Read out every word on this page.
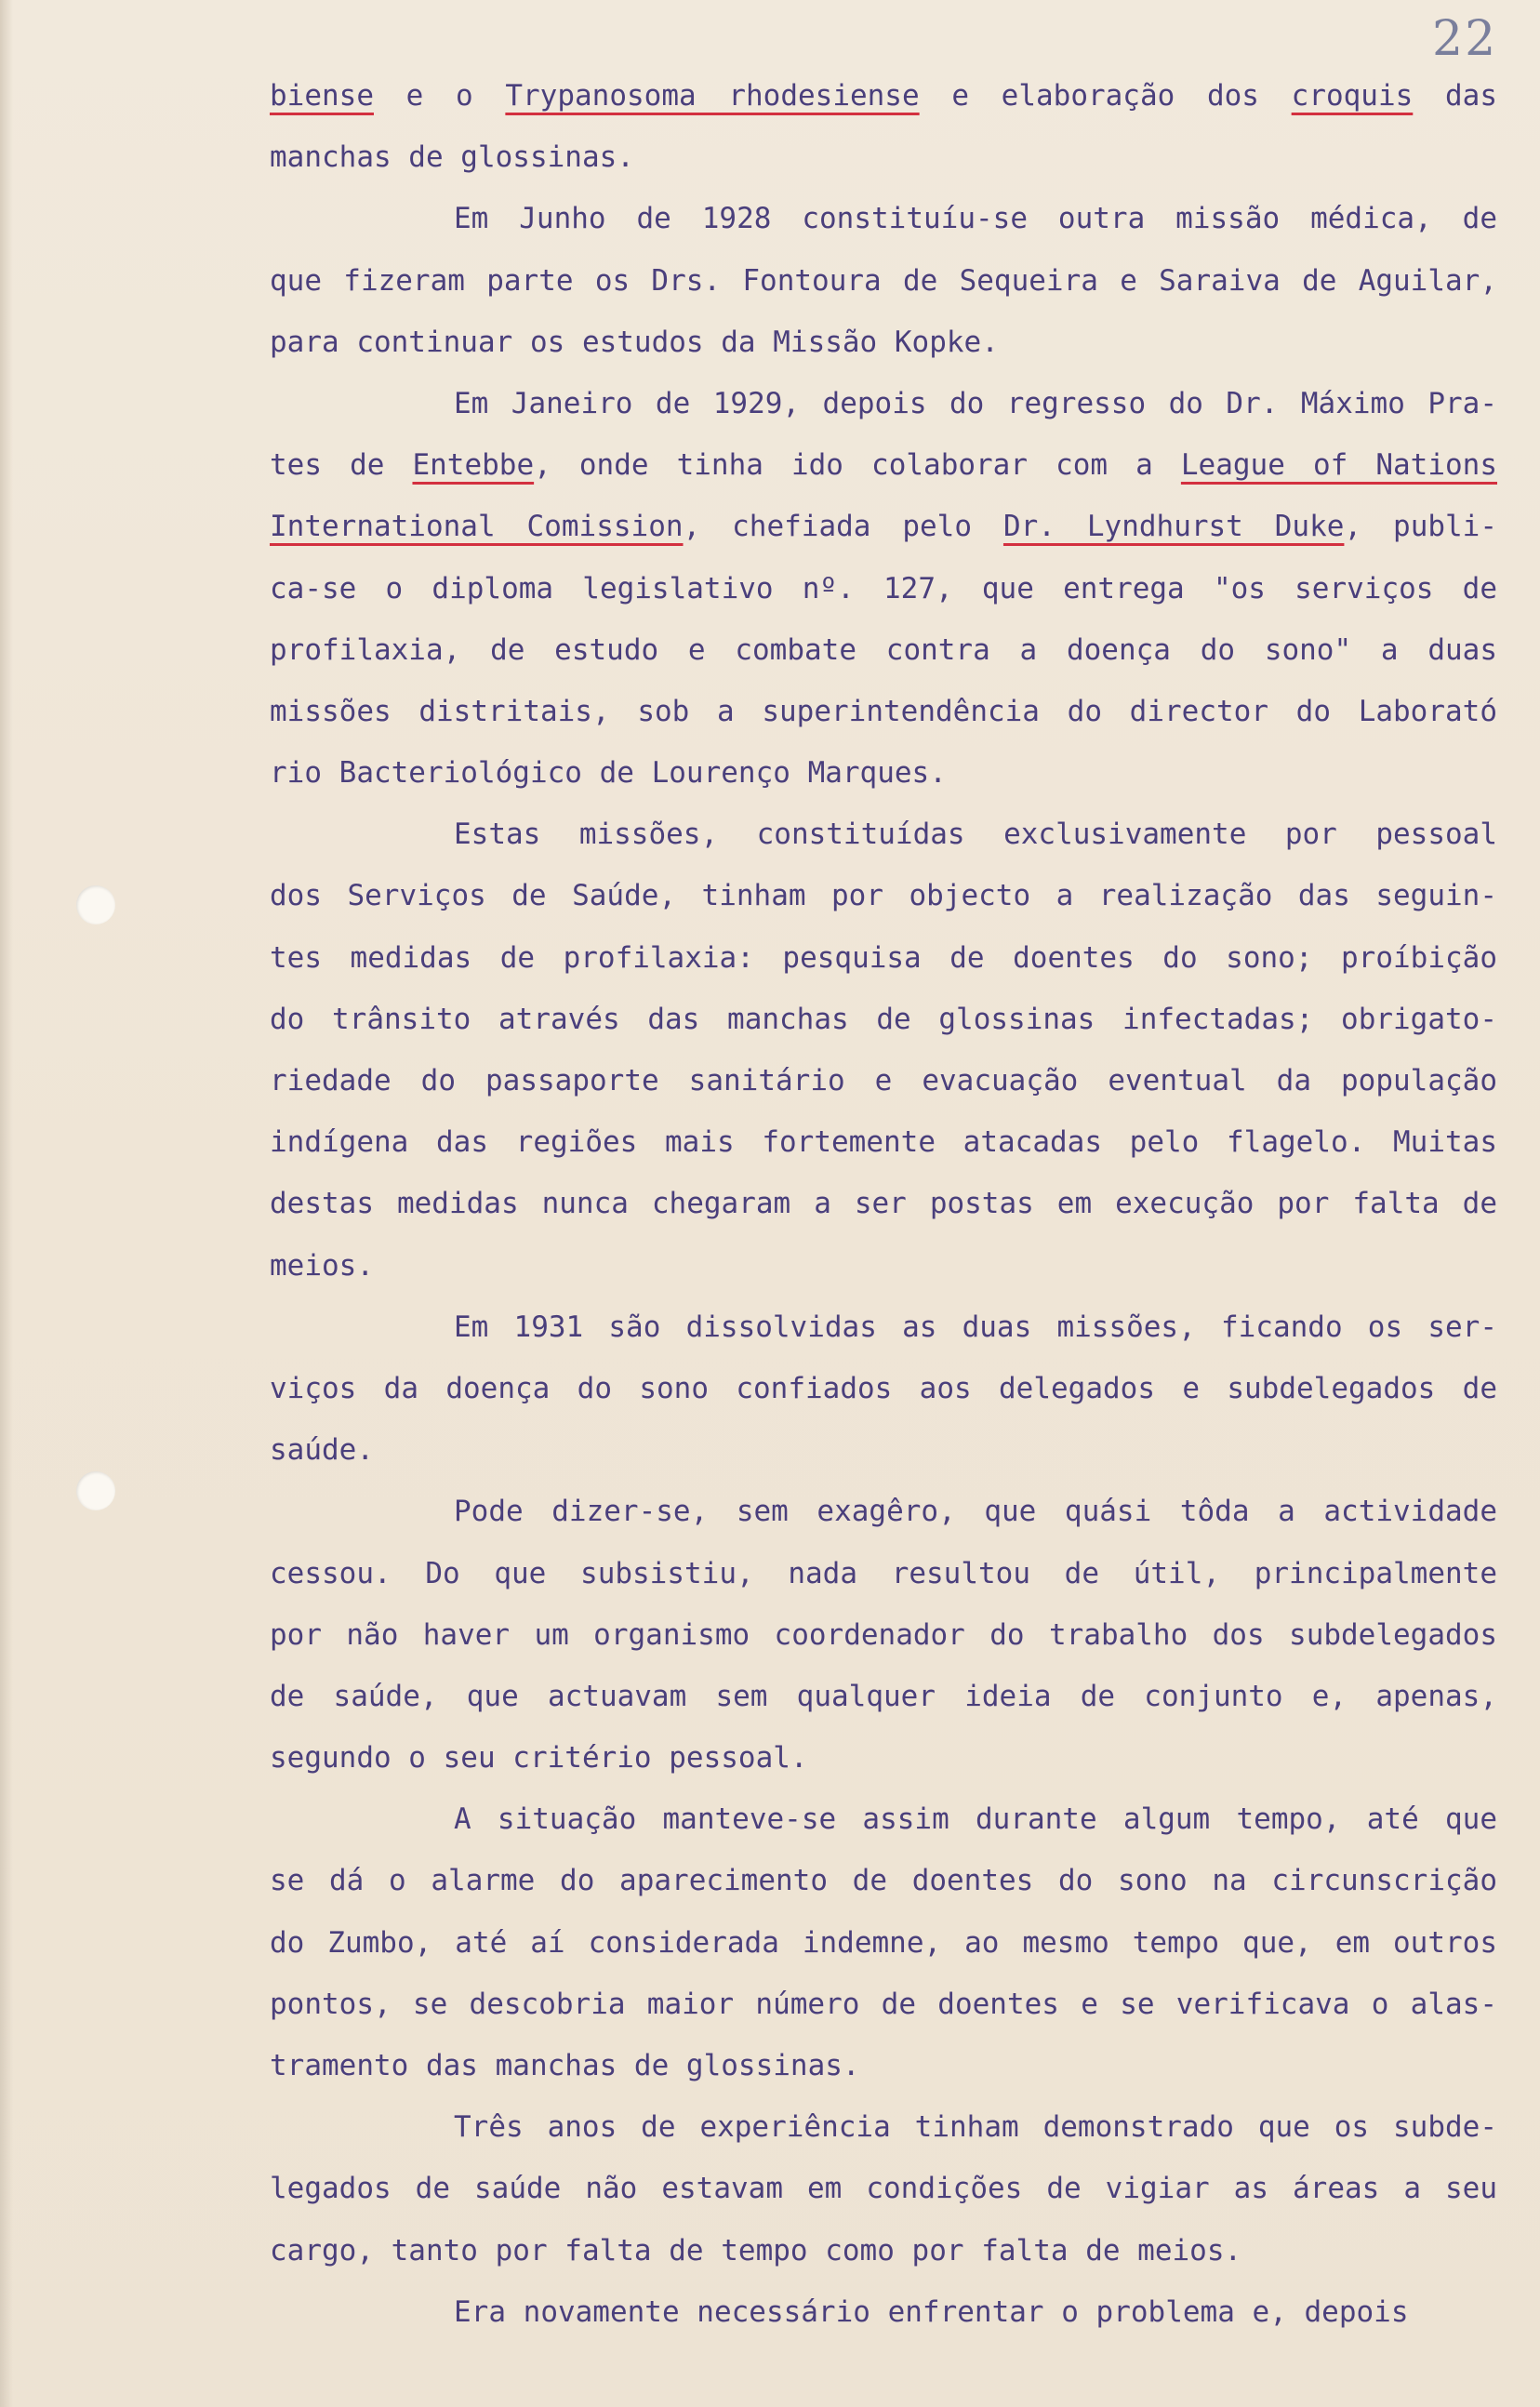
22
biense e o Trypanosoma rhodesiense e elaboração dos croquis das
manchas de glossinas.
Em Junho de 1928 constituíu-se outra missão médica, de
que fizeram parte os Drs. Fontoura de Sequeira e Saraiva de Aguilar,
para continuar os estudos da Missão Kopke.
Em Janeiro de 1929, depois do regresso do Dr. Máximo Pra-
tes de Entebbe, onde tinha ido colaborar com a League of Nations
International Comission, chefiada pelo Dr. Lyndhurst Duke, publi-
ca-se o diploma legislativo nº. 127, que entrega "os serviços de
profilaxia, de estudo e combate contra a doença do sono" a duas
missões distritais, sob a superintendência do director do Laborató
rio Bacteriológico de Lourenço Marques.
Estas missões, constituídas exclusivamente por pessoal
dos Serviços de Saúde, tinham por objecto a realização das seguin-
tes medidas de profilaxia: pesquisa de doentes do sono; proíbição
do trânsito através das manchas de glossinas infectadas; obrigato-
riedade do passaporte sanitário e evacuação eventual da população
indígena das regiões mais fortemente atacadas pelo flagelo. Muitas
destas medidas nunca chegaram a ser postas em execução por falta de
meios.
Em 1931 são dissolvidas as duas missões, ficando os ser-
viços da doença do sono confiados aos delegados e subdelegados de
saúde.
Pode dizer-se, sem exagêro, que quási tôda a actividade
cessou. Do que subsistiu, nada resultou de útil, principalmente
por não haver um organismo coordenador do trabalho dos subdelegados
de saúde, que actuavam sem qualquer ideia de conjunto e, apenas,
segundo o seu critério pessoal.
A situação manteve-se assim durante algum tempo, até que
se dá o alarme do aparecimento de doentes do sono na circunscrição
do Zumbo, até aí considerada indemne, ao mesmo tempo que, em outros
pontos, se descobria maior número de doentes e se verificava o alas-
tramento das manchas de glossinas.
Três anos de experiência tinham demonstrado que os subde-
legados de saúde não estavam em condições de vigiar as áreas a seu
cargo, tanto por falta de tempo como por falta de meios.
Era novamente necessário enfrentar o problema e, depois
